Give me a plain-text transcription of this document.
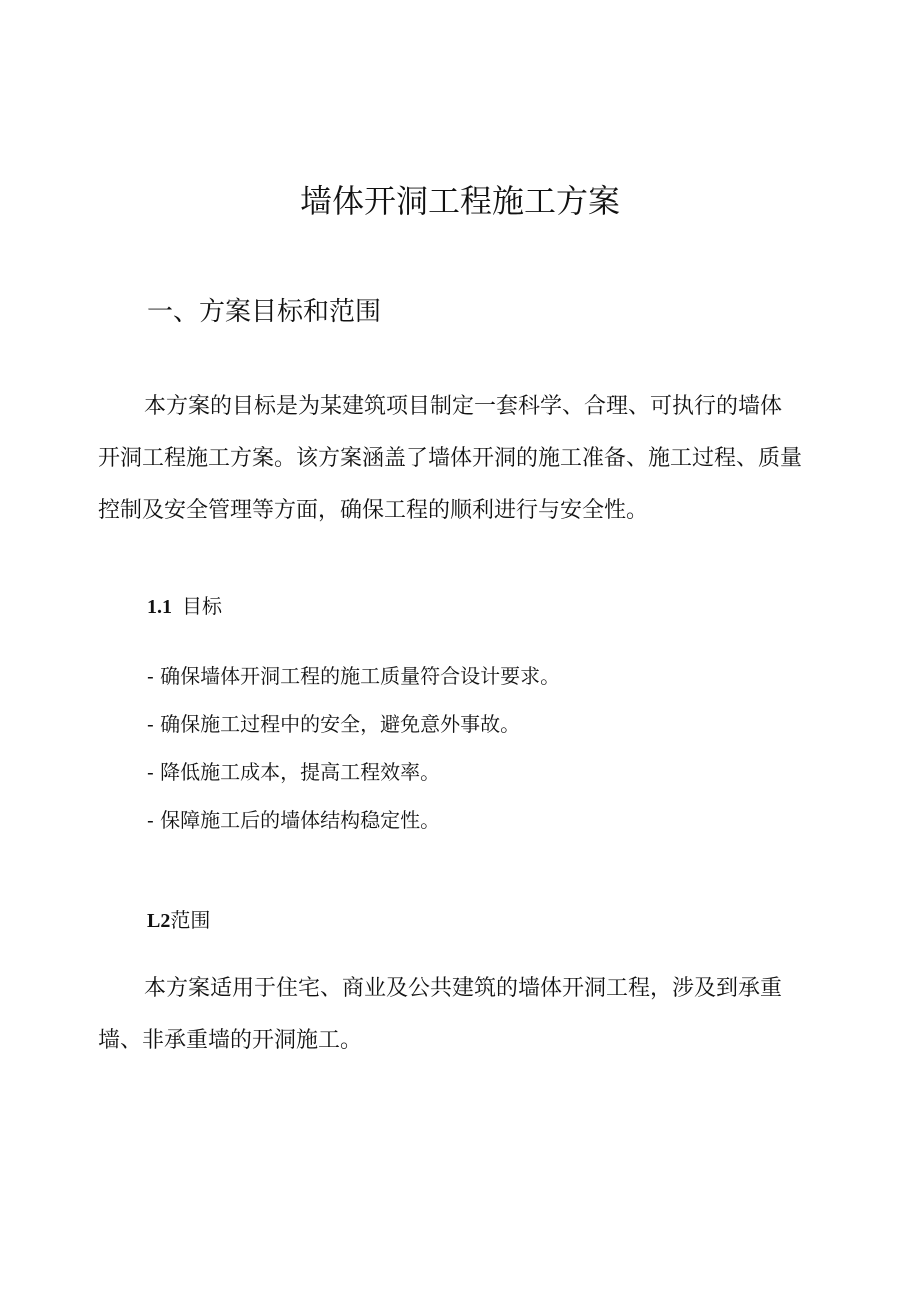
墙体开洞工程施工方案
一、方案目标和范围

本方案的目标是为某建筑项目制定一套科学、合理、可执行的墙体开洞工程施工方案。该方案涵盖了墙体开洞的施工准备、施工过程、质量控制及安全管理等方面，确保工程的顺利进行与安全性。

1.1 目标
- 确保墙体开洞工程的施工质量符合设计要求。
- 确保施工过程中的安全，避免意外事故。
- 降低施工成本，提高工程效率。
- 保障施工后的墙体结构稳定性。
L2范围

本方案适用于住宅、商业及公共建筑的墙体开洞工程，涉及到承重墙、非承重墙的开洞施工。
